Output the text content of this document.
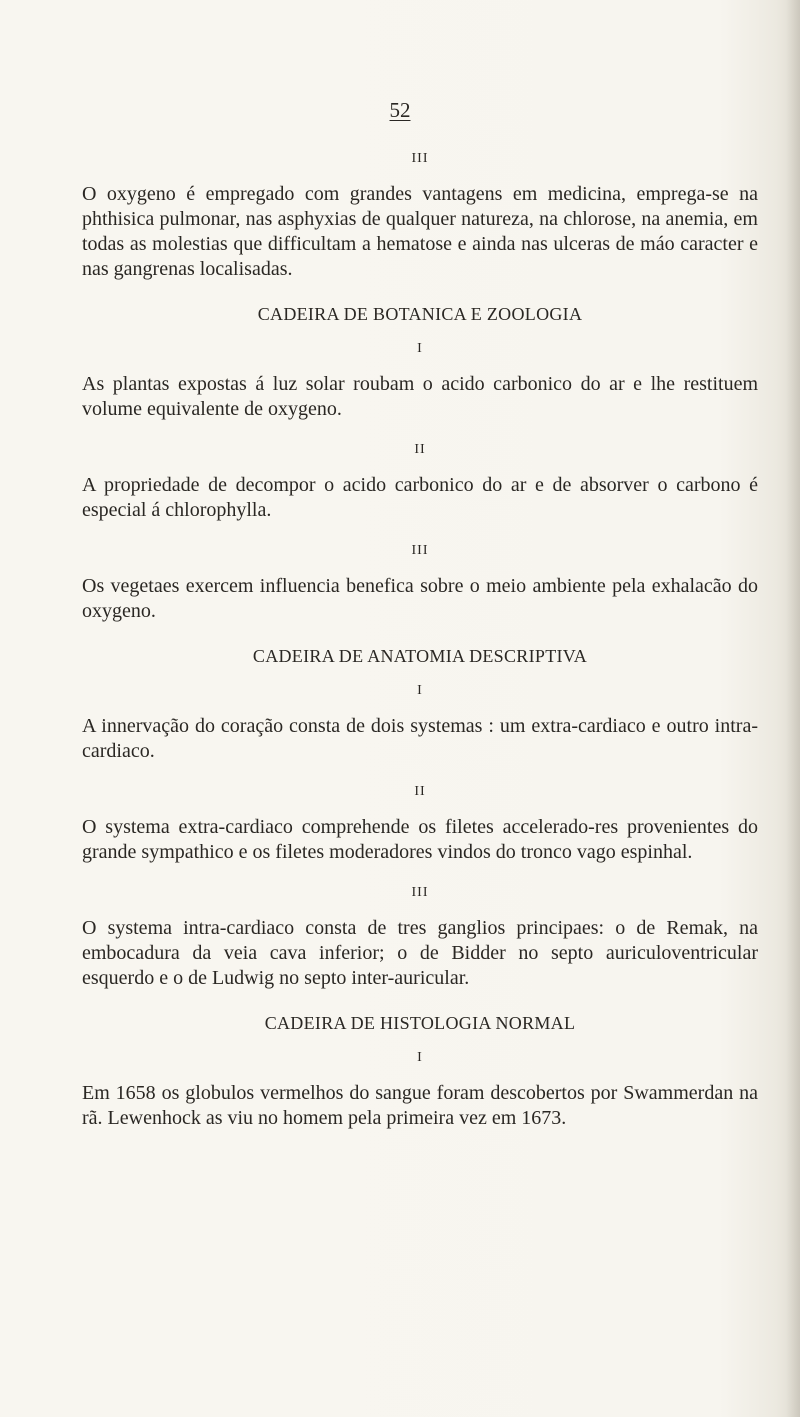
52

III

O oxygeno é empregado com grandes vantagens em medicina, emprega-se na phthisica pulmonar, nas asphyxias de qualquer natureza, na chlorose, na anemia, em todas as molestias que difficultam a hematose e ainda nas ulceras de máo caracter e nas gangrenas localisadas.

CADEIRA DE BOTANICA E ZOOLOGIA

I

As plantas expostas á luz solar roubam o acido carbonico do ar e lhe restituem volume equivalente de oxygeno.

II

A propriedade de decompor o acido carbonico do ar e de absorver o carbono é especial á chlorophylla.

III

Os vegetaes exercem influencia benefica sobre o meio ambiente pela exhalacão do oxygeno.

CADEIRA DE ANATOMIA DESCRIPTIVA

I

A innervação do coração consta de dois systemas : um extra-cardiaco e outro intra-cardiaco.

II

O systema extra-cardiaco comprehende os filetes accelerado-res provenientes do grande sympathico e os filetes moderadores vindos do tronco vago espinhal.

III

O systema intra-cardiaco consta de tres ganglios principaes: o de Remak, na embocadura da veia cava inferior; o de Bidder no septo auriculoventricular esquerdo e o de Ludwig no septo inter-auricular.

CADEIRA DE HISTOLOGIA NORMAL

I

Em 1658 os globulos vermelhos do sangue foram descobertos por Swammerdan na rã. Lewenhock as viu no homem pela primeira vez em 1673.
